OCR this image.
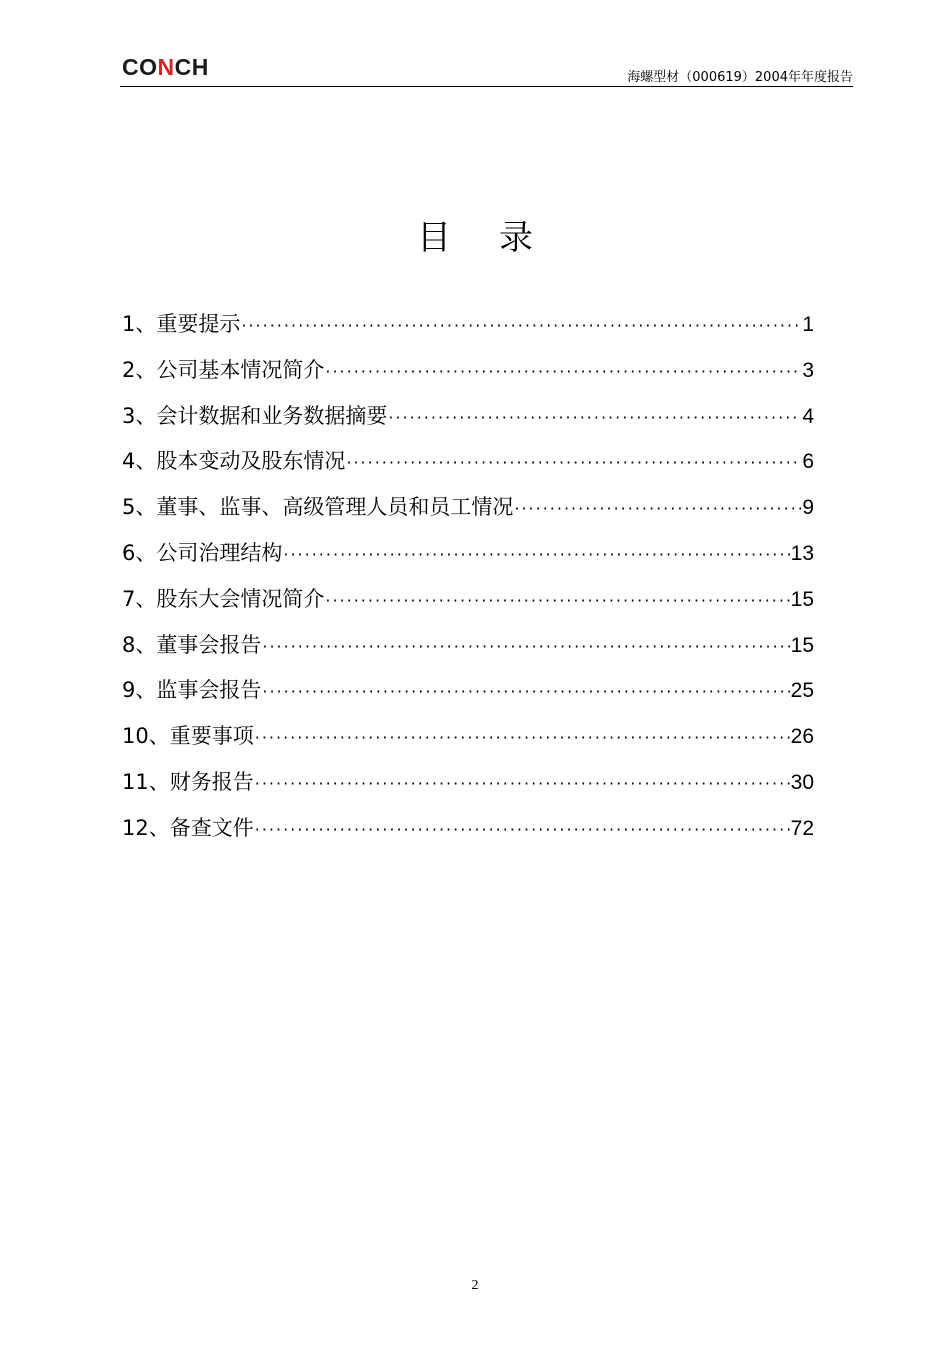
CONCH	海螺型材（000619）2004年年度报告
目录
1、重要提示 ·····	1
2、公司基本情况简介 ·····	3
3、会计数据和业务数据摘要 ·····	4
4、股本变动及股东情况 ·····	6
5、董事、监事、高级管理人员和员工情况 ·····	9
6、公司治理结构 ·····	13
7、股东大会情况简介 ·····	15
8、董事会报告 ·····	15
9、监事会报告 ·····	25
10、重要事项 ·····	26
11、财务报告 ·····	30
12、备查文件 ·····	72
2
